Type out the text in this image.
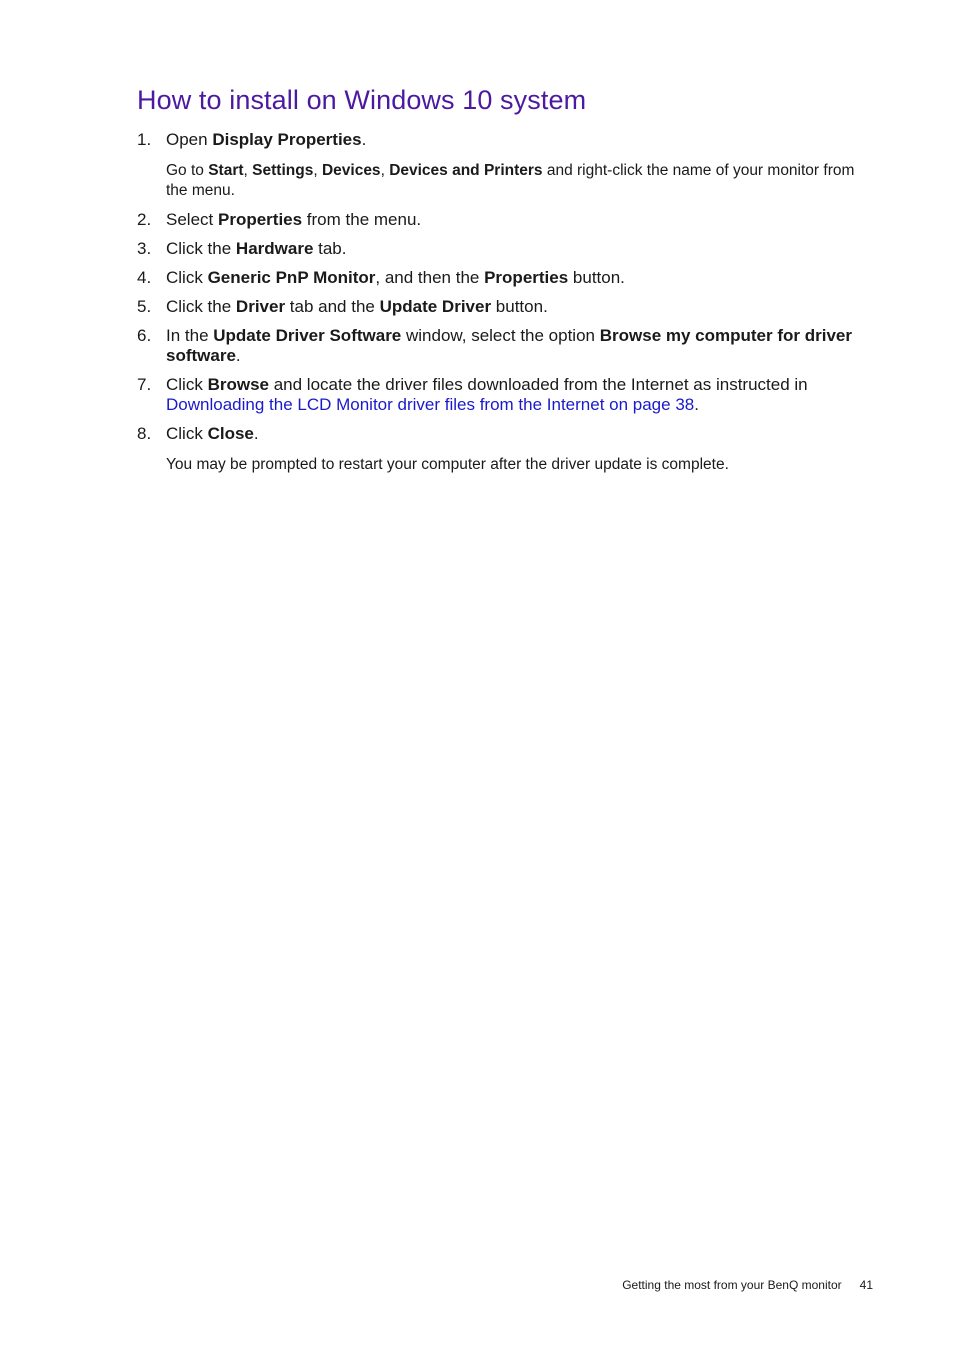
How to install on Windows 10 system
1. Open Display Properties.
Go to Start, Settings, Devices, Devices and Printers and right-click the name of your monitor from the menu.
2. Select Properties from the menu.
3. Click the Hardware tab.
4. Click Generic PnP Monitor, and then the Properties button.
5. Click the Driver tab and the Update Driver button.
6. In the Update Driver Software window, select the option Browse my computer for driver software.
7. Click Browse and locate the driver files downloaded from the Internet as instructed in Downloading the LCD Monitor driver files from the Internet on page 38.
8. Click Close.
You may be prompted to restart your computer after the driver update is complete.
Getting the most from your BenQ monitor 41
